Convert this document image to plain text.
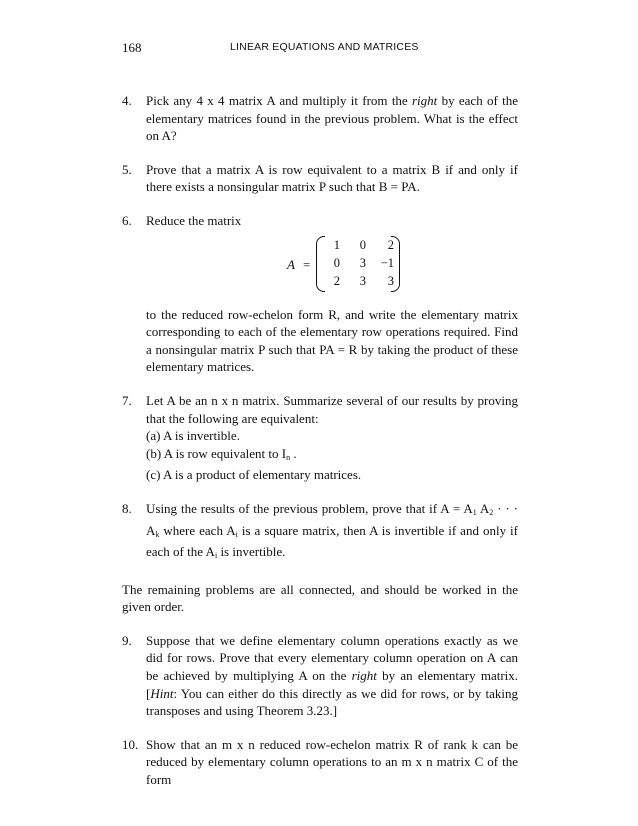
168	LINEAR EQUATIONS AND MATRICES
4. Pick any 4 x 4 matrix A and multiply it from the right by each of the elementary matrices found in the previous problem. What is the effect on A?
5. Prove that a matrix A is row equivalent to a matrix B if and only if there exists a nonsingular matrix P such that B = PA.
6. Reduce the matrix
A =
1	0	2
0	3	−1
2	3	3
to the reduced row-echelon form R, and write the elementary matrix corresponding to each of the elementary row operations required. Find a nonsingular matrix P such that PA = R by taking the product of these elementary matrices.
7. Let A be an n x n matrix. Summarize several of our results by proving that the following are equivalent:
(a) A is invertible.
(b) A is row equivalent to $I_n$ .
(c) A is a product of elementary matrices.
8. Using the results of the previous problem, prove that if $A = A_1$ $A_2$ · · · $A_k$ where each $A_i$ is a square matrix, then A is invertible if and only if each of the $A_i$ is invertible.

The remaining problems are all connected, and should be worked in the given order.

9. Suppose that we define elementary column operations exactly as we did for rows. Prove that every elementary column operation on A can be achieved by multiplying A on the right by an elementary matrix. [Hint: You can either do this directly as we did for rows, or by taking transposes and using Theorem 3.23.]
10. Show that an m x n reduced row-echelon matrix R of rank k can be reduced by elementary column operations to an m x n matrix C of the form
